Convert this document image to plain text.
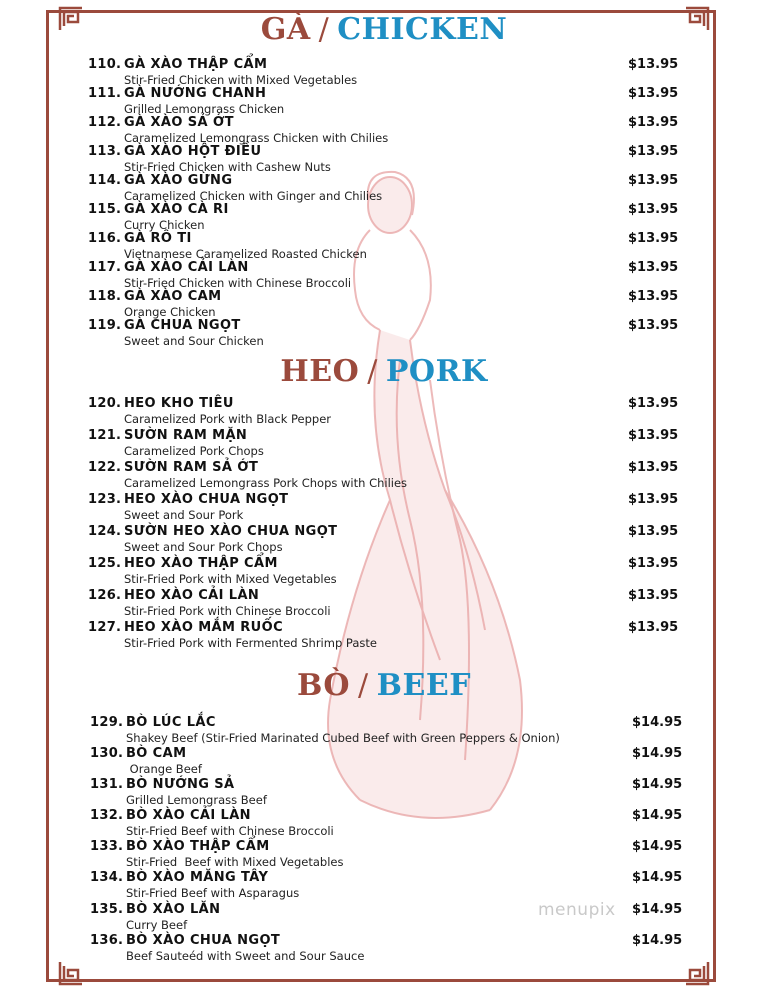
GÀ / CHICKEN
110. GÀ XÀO THẬP CẨM
Stir-Fried Chicken with Mixed Vegetables
$13.95
111. GÀ NƯỚNG CHANH
Grilled Lemongrass Chicken
$13.95
112. GÀ XÀO SẢ ỚT
Caramelized Lemongrass Chicken with Chilies
$13.95
113. GÀ XÀO HỘT ĐIỀU
Stir-Fried Chicken with Cashew Nuts
$13.95
114. GÀ XÀO GỪNG
Caramelized Chicken with Ginger and Chilies
$13.95
115. GÀ XÀO CÀ RI
Curry Chicken
$13.95
116. GÀ RÔ TI
Vietnamese Caramelized Roasted Chicken
$13.95
117. GÀ XÀO CẢI LÀN
Stir-Fried Chicken with Chinese Broccoli
$13.95
118. GÀ XÀO CAM
Orange Chicken
$13.95
119. GÀ CHUA NGỌT
Sweet and Sour Chicken
$13.95
HEO / PORK
120. HEO KHO TIÊU
Caramelized Pork with Black Pepper
$13.95
121. SƯỜN RAM MẶN
Caramelized Pork Chops
$13.95
122. SƯỜN RAM SẢ ỚT
Caramelized Lemongrass Pork Chops with Chilies
$13.95
123. HEO XÀO CHUA NGỌT
Sweet and Sour Pork
$13.95
124. SƯỜN HEO XÀO CHUA NGỌT
Sweet and Sour Pork Chops
$13.95
125. HEO XÀO THẬP CẨM
Stir-Fried Pork with Mixed Vegetables
$13.95
126. HEO XÀO CẢI LÀN
Stir-Fried Pork with Chinese Broccoli
$13.95
127. HEO XÀO MẮM RUỐC
Stir-Fried Pork with Fermented Shrimp Paste
$13.95
BÒ / BEEF
129. BÒ LÚC LẮC
Shakey Beef (Stir-Fried Marinated Cubed Beef with Green Peppers & Onion)
$14.95
130. BÒ CAM
Orange Beef
$14.95
131. BÒ NƯỚNG SẢ
Grilled Lemongrass Beef
$14.95
132. BÒ XÀO CẢI LÀN
Stir-Fried Beef with Chinese Broccoli
$14.95
133. BÒ XÀO THẬP CẨM
Stir-Fried  Beef with Mixed Vegetables
$14.95
134. BÒ XÀO MĂNG TÂY
Stir-Fried Beef with Asparagus
$14.95
135. BÒ XÀO LĂN
Curry Beef
$14.95
136. BÒ XÀO CHUA NGỌT
Beef Sauteéd with Sweet and Sour Sauce
$14.95
menupix
